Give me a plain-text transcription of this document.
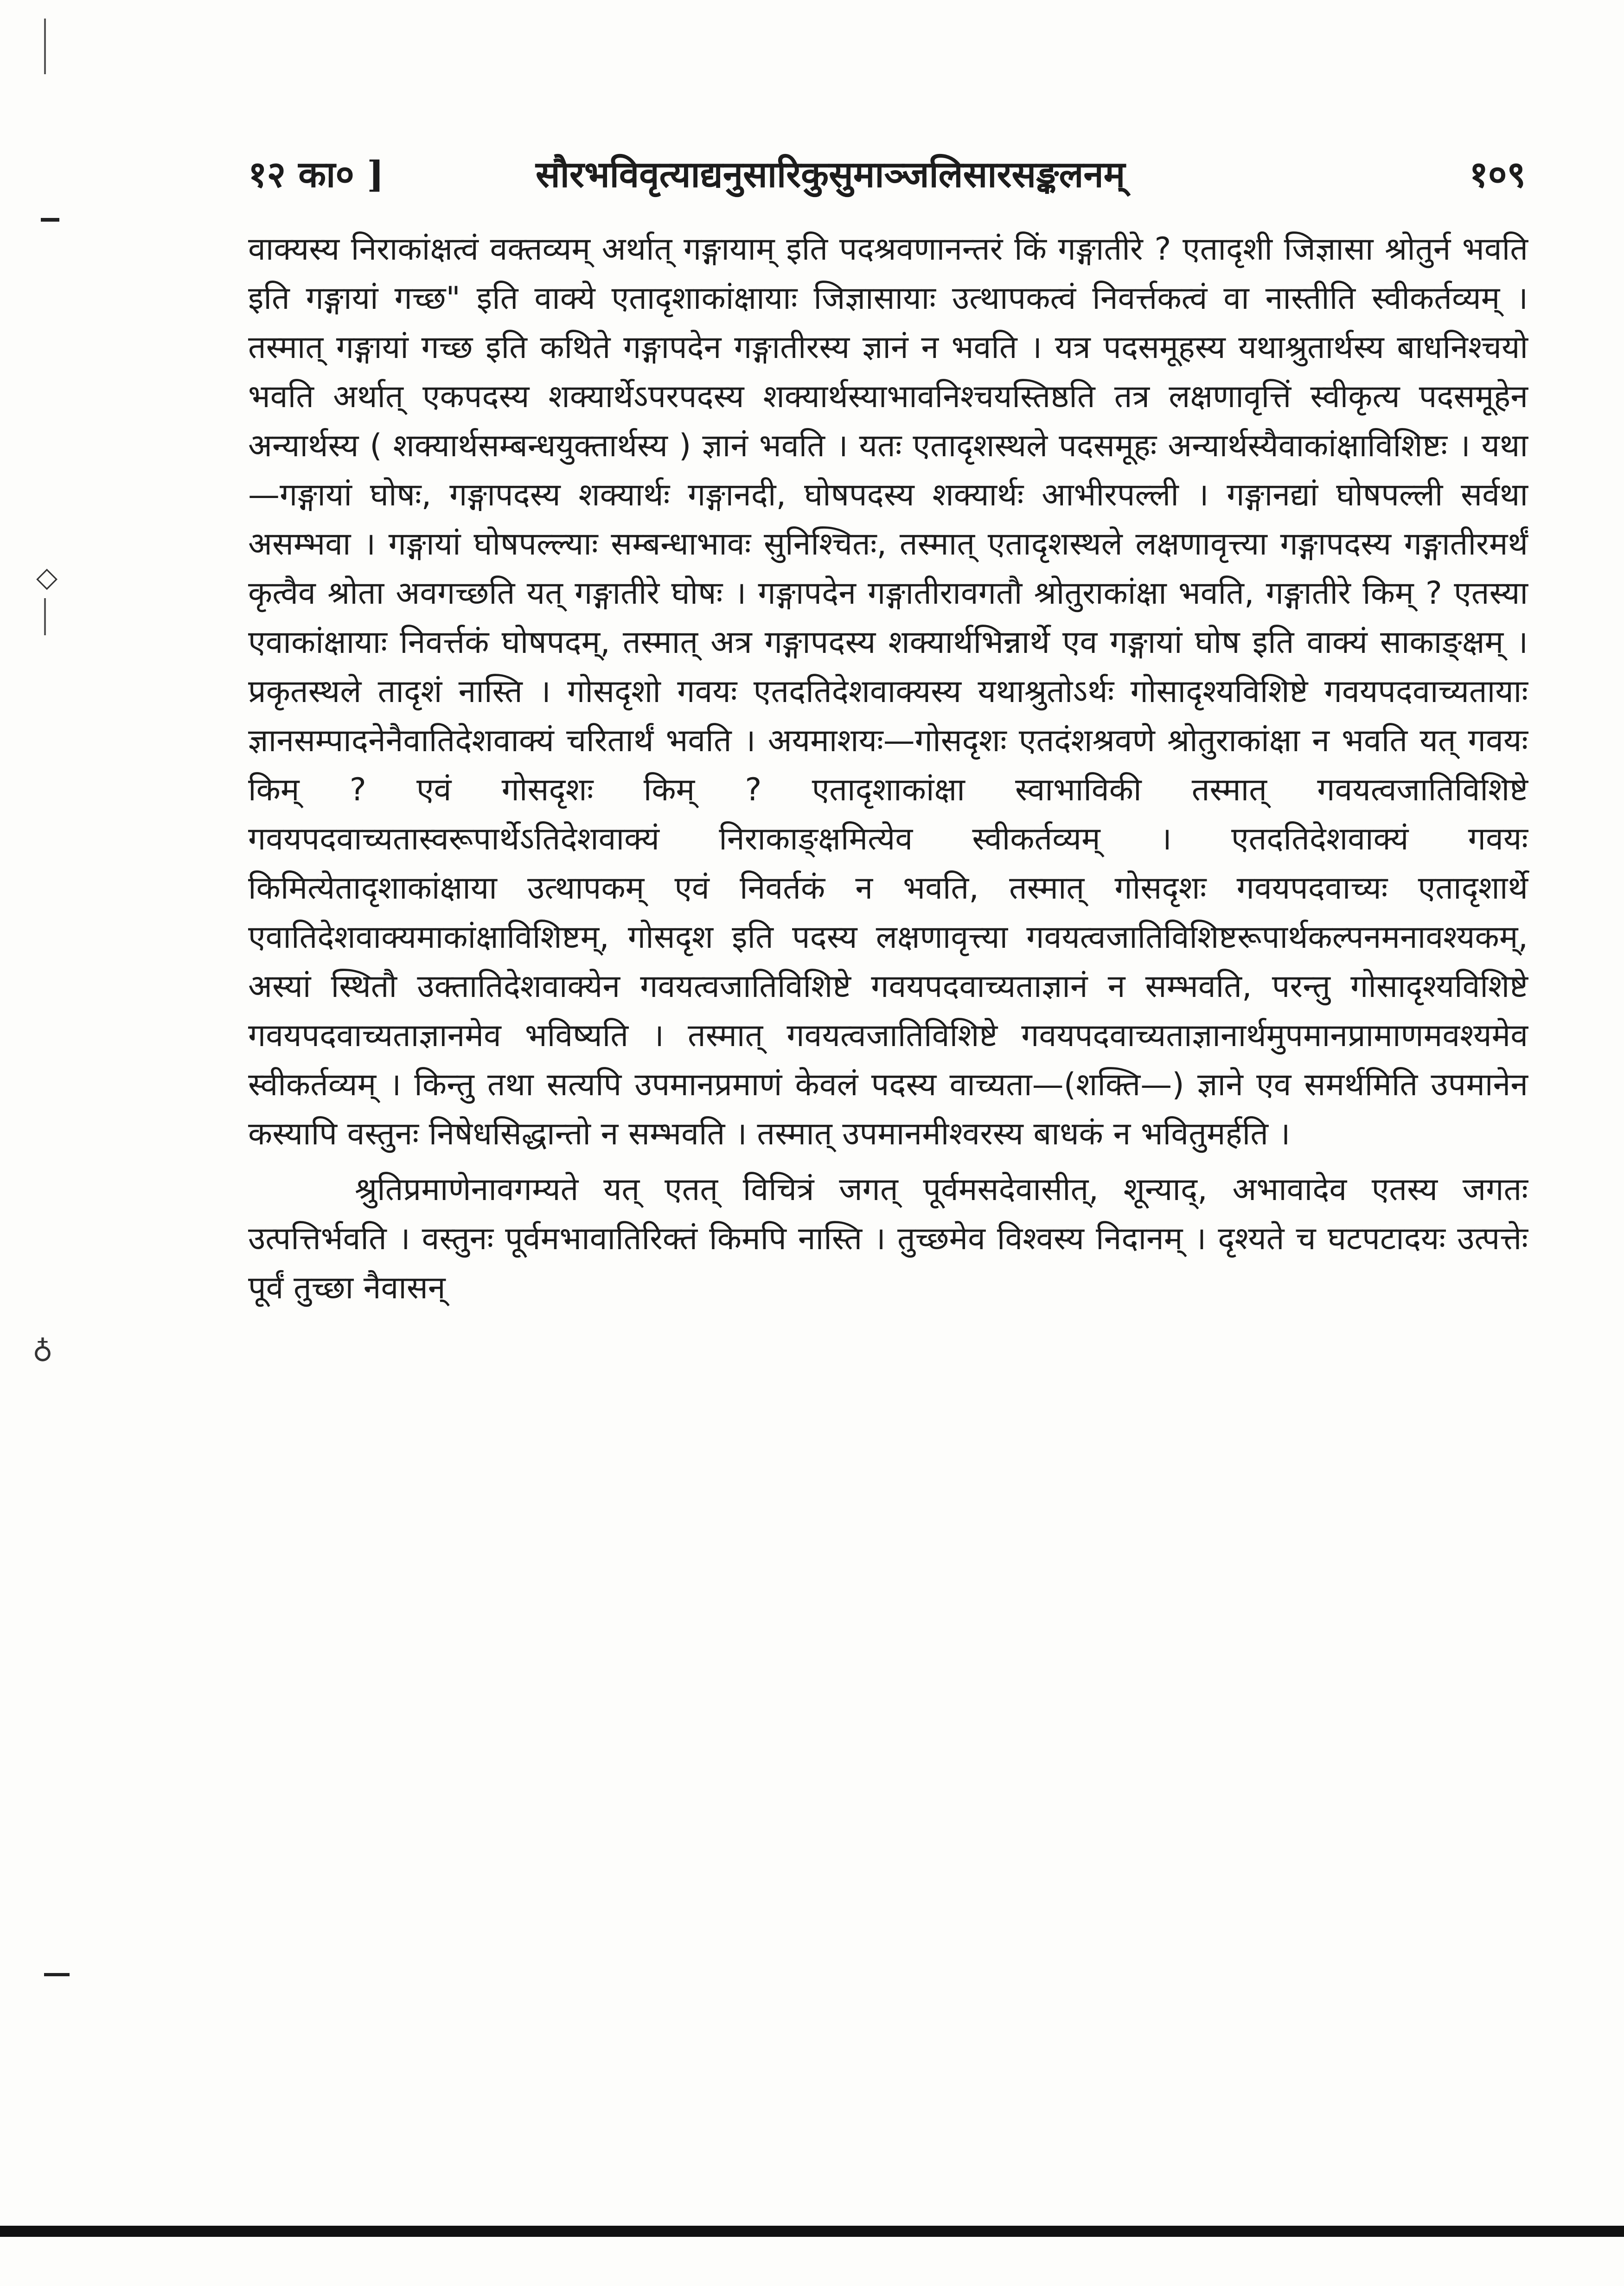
◇
♁
१२ का० ]	सौरभविवृत्याद्यनुसारिकुसुमाञ्जलिसारसङ्कलनम्	१०९

वाक्यस्य निराकांक्षत्वं वक्तव्यम् अर्थात् गङ्गायाम् इति पदश्रवणानन्तरं किं गङ्गातीरे ? एतादृशी जिज्ञासा श्रोतुर्न भवति इति गङ्गायां गच्छ" इति वाक्ये एतादृशाकांक्षायाः जिज्ञासायाः उत्थापकत्वं निवर्त्तकत्वं वा नास्तीति स्वीकर्तव्यम् । तस्मात् गङ्गायां गच्छ इति कथिते गङ्गापदेन गङ्गातीरस्य ज्ञानं न भवति । यत्र पदसमूहस्य यथाश्रुतार्थस्य बाधनिश्चयो भवति अर्थात् एकपदस्य शक्यार्थेऽपरपदस्य शक्यार्थस्याभावनिश्चयस्तिष्ठति तत्र लक्षणावृत्तिं स्वीकृत्य पदसमूहेन अन्यार्थस्य ( शक्यार्थसम्बन्धयुक्तार्थस्य ) ज्ञानं भवति । यतः एतादृशस्थले पदसमूहः अन्यार्थस्यैवाकांक्षाविशिष्टः । यथा—गङ्गायां घोषः, गङ्गापदस्य शक्यार्थः गङ्गानदी, घोषपदस्य शक्यार्थः आभीरपल्ली । गङ्गानद्यां घोषपल्ली सर्वथा असम्भवा । गङ्गायां घोषपल्ल्याः सम्बन्धाभावः सुनिश्चितः, तस्मात् एतादृशस्थले लक्षणावृत्त्या गङ्गापदस्य गङ्गातीरमर्थं कृत्वैव श्रोता अवगच्छति यत् गङ्गातीरे घोषः । गङ्गापदेन गङ्गातीरावगतौ श्रोतुराकांक्षा भवति, गङ्गातीरे किम् ? एतस्या एवाकांक्षायाः निवर्त्तकं घोषपदम्, तस्मात् अत्र गङ्गापदस्य शक्यार्थभिन्नार्थे एव गङ्गायां घोष इति वाक्यं साकाङ्क्षम् । प्रकृतस्थले तादृशं नास्ति । गोसदृशो गवयः एतदतिदेशवाक्यस्य यथाश्रुतोऽर्थः गोसादृश्यविशिष्टे गवयपदवाच्यतायाः ज्ञानसम्पादनेनैवातिदेशवाक्यं चरितार्थं भवति । अयमाशयः—गोसदृशः एतदंशश्रवणे श्रोतुराकांक्षा न भवति यत् गवयः किम् ? एवं गोसदृशः किम् ? एतादृशाकांक्षा स्वाभाविकी तस्मात् गवयत्वजातिविशिष्टे गवयपदवाच्यतास्वरूपार्थेऽतिदेशवाक्यं निराकाङ्क्षमित्येव स्वीकर्तव्यम् । एतदतिदेशवाक्यं गवयः किमित्येतादृशाकांक्षाया उत्थापकम् एवं निवर्तकं न भवति, तस्मात् गोसदृशः गवयपदवाच्यः एतादृशार्थे एवातिदेशवाक्यमाकांक्षाविशिष्टम्, गोसदृश इति पदस्य लक्षणावृत्त्या गवयत्वजातिविशिष्टरूपार्थकल्पनमनावश्यकम्, अस्यां स्थितौ उक्तातिदेशवाक्येन गवयत्वजातिविशिष्टे गवयपदवाच्यताज्ञानं न सम्भवति, परन्तु गोसादृश्यविशिष्टे गवयपदवाच्यताज्ञानमेव भविष्यति । तस्मात् गवयत्वजातिविशिष्टे गवयपदवाच्यताज्ञानार्थमुपमानप्रामाणमवश्यमेव स्वीकर्तव्यम् । किन्तु तथा सत्यपि उपमानप्रमाणं केवलं पदस्य वाच्यता—(शक्ति—) ज्ञाने एव समर्थमिति उपमानेन कस्यापि वस्तुनः निषेधसिद्धान्तो न सम्भवति । तस्मात् उपमानमीश्वरस्य बाधकं न भवितुमर्हति ।

श्रुतिप्रमाणेनावगम्यते यत् एतत् विचित्रं जगत् पूर्वमसदेवासीत्, शून्याद्, अभावादेव एतस्य जगतः उत्पत्तिर्भवति । वस्तुनः पूर्वमभावातिरिक्तं किमपि नास्ति । तुच्छमेव विश्वस्य निदानम् । दृश्यते च घटपटादयः उत्पत्तेः पूर्वं तुच्छा नैवासन्
